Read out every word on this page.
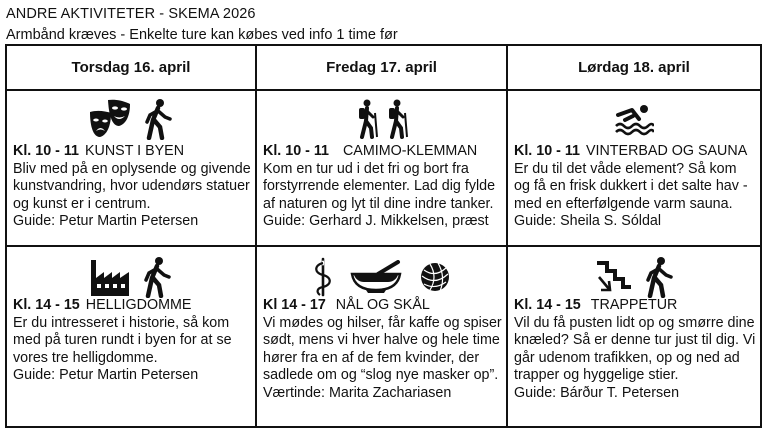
ANDRE AKTIVITETER - SKEMA 2026
Armbånd kræves - Enkelte ture kan købes ved info 1 time før
Torsdag 16. april	Fredag 17. april	Lørdag 18. april
Kl. 10 - 11 KUNST I BYEN
Bliv med på en oplysende og givende kunstvandring, hvor udendørs statuer og kunst er i centrum.
Guide: Petur Martin Petersen
Kl. 10 - 11 CAMIMO-KLEMMAN
Kom en tur ud i det fri og bort fra forstyrrende elementer. Lad dig fylde af naturen og lyt til dine indre tanker.
Guide: Gerhard J. Mikkelsen, præst
Kl. 10 - 11 VINTERBAD OG SAUNA
Er du til det våde element? Så kom og få en frisk dukkert i det salte hav - med en efterfølgende varm sauna.
Guide: Sheila S. Sóldal
Kl. 14 - 15 HELLIGDOMME
Er du intresseret i historie, så kom med på turen rundt i byen for at se vores tre helligdomme.
Guide: Petur Martin Petersen
Kl 14 - 17 NÅL OG SKÅL
Vi mødes og hilser, får kaffe og spiser sødt, mens vi hver halve og hele time hører fra en af de fem kvinder, der sadlede om og “slog nye masker op”.
Værtinde: Marita Zachariasen
Kl. 14 - 15 TRAPPETUR
Vil du få pusten lidt op og smørre dine knæled? Så er denne tur just til dig. Vi går udenom trafikken, op og ned ad trapper og hyggelige stier.
Guide: Bárður T. Petersen
